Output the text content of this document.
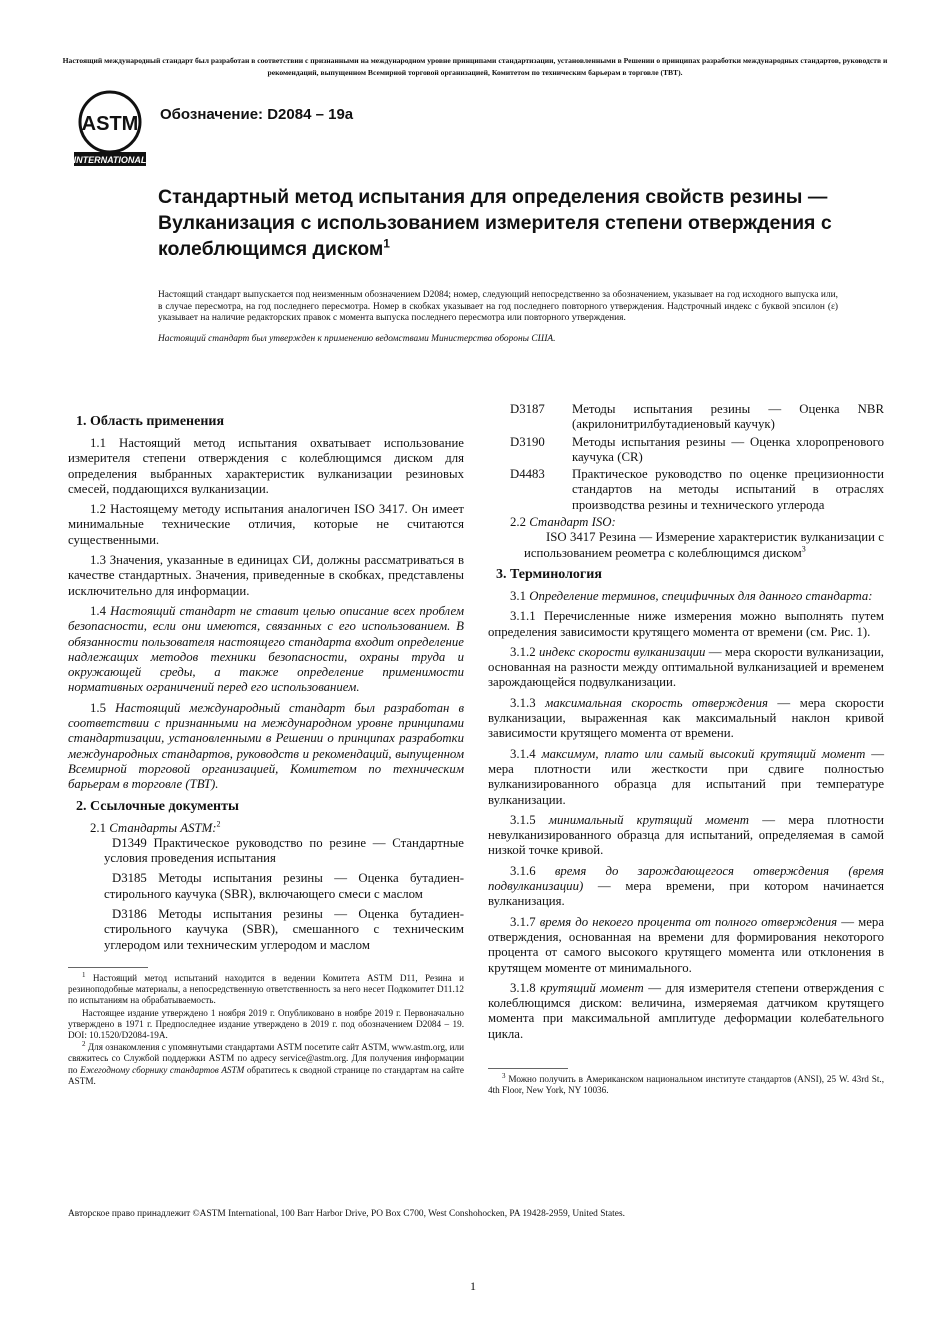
Настоящий международный стандарт был разработан в соответствии с признанными на международном уровне принципами стандартизации, установленными в Решении о принципах разработки международных стандартов, руководств и рекомендаций, выпущенном Всемирной торговой организацией, Комитетом по техническим барьерам в торговле (ТВТ).
ASTM
INTERNATIONAL
Обозначение: D2084 – 19a
Стандартный метод испытания для определения свойств резины — Вулканизация с использованием измерителя степени отверждения с колеблющимся диском$^1$

Настоящий стандарт выпускается под неизменным обозначением D2084; номер, следующий непосредственно за обозначением, указывает на год исходного выпуска или, в случае пересмотра, на год последнего пересмотра. Номер в скобках указывает на год последнего повторного утверждения. Надстрочный индекс с буквой эпсилон (ε) указывает на наличие редакторских правок с момента выпуска последнего пересмотра или повторного утверждения.

Настоящий стандарт был утвержден к применению ведомствами Министерства обороны США.

1. Область применения

1.1 Настоящий метод испытания охватывает использование измерителя степени отверждения с колеблющимся диском для определения выбранных характеристик вулканизации резиновых смесей, поддающихся вулканизации.

1.2 Настоящему методу испытания аналогичен ISO 3417. Он имеет минимальные технические отличия, которые не считаются существенными.

1.3 Значения, указанные в единицах СИ, должны рассматриваться в качестве стандартных. Значения, приведенные в скобках, представлены исключительно для информации.

1.4 Настоящий стандарт не ставит целью описание всех проблем безопасности, если они имеются, связанных с его использованием. В обязанности пользователя настоящего стандарта входит определение надлежащих методов техники безопасности, охраны труда и окружающей среды, а также определение применимости нормативных ограничений перед его использованием.

1.5 Настоящий международный стандарт был разработан в соответствии с признанными на международном уровне принципами стандартизации, установленными в Решении о принципах разработки международных стандартов, руководств и рекомендаций, выпущенном Всемирной торговой организацией, Комитетом по техническим барьерам в торговле (ТВТ).

2. Ссылочные документы

2.1 Стандарты ASTM:$^2$

D1349 Практическое руководство по резине — Стандартные условия проведения испытания

D3185 Методы испытания резины — Оценка бутадиен-стирольного каучука (SBR), включающего смеси с маслом

D3186 Методы испытания резины — Оценка бутадиен-стирольного каучука (SBR), смешанного с техническим углеродом или техническим углеродом и маслом

$^1$ Настоящий метод испытаний находится в ведении Комитета ASTM D11, Резина и резиноподобные материалы, а непосредственную ответственность за него несет Подкомитет D11.12 по испытаниям на обрабатываемость.

Настоящее издание утверждено 1 ноября 2019 г. Опубликовано в ноябре 2019 г. Первоначально утверждено в 1971 г. Предпоследнее издание утверждено в 2019 г. под обозначением D2084 – 19. DOI: 10.1520/D2084-19A.

$^2$ Для ознакомления с упомянутыми стандартами ASTM посетите сайт ASTM, www.astm.org, или свяжитесь со Службой поддержки ASTM по адресу service@astm.org. Для получения информации по Ежегодному сборнику стандартов ASTM обратитесь к сводной странице по стандартам на сайте ASTM.

D3187	Методы испытания резины — Оценка NBR (акрилонитрилбутадиеновый каучук)
D3190	Методы испытания резины — Оценка хлоропренового каучука (CR)
D4483	Практическое руководство по оценке прецизионности стандартов на методы испытаний в отраслях производства резины и технического углерода

2.2 Стандарт ISO:

ISO 3417 Резина — Измерение характеристик вулканизации с использованием реометра с колеблющимся диском$^3$

3. Терминология

3.1 Определение терминов, специфичных для данного стандарта:

3.1.1 Перечисленные ниже измерения можно выполнять путем определения зависимости крутящего момента от времени (см. Рис. 1).

3.1.2 индекс скорости вулканизации — мера скорости вулканизации, основанная на разности между оптимальной вулканизацией и временем зарождающейся подвулканизации.

3.1.3 максимальная скорость отверждения — мера скорости вулканизации, выраженная как максимальный наклон кривой зависимости крутящего момента от времени.

3.1.4 максимум, плато или самый высокий крутящий момент — мера плотности или жесткости при сдвиге полностью вулканизированного образца для испытаний при температуре вулканизации.

3.1.5 минимальный крутящий момент — мера плотности невулканизированного образца для испытаний, определяемая в самой низкой точке кривой.

3.1.6 время до зарождающегося отверждения (время подвулканизации) — мера времени, при котором начинается вулканизация.

3.1.7 время до некоего процента от полного отверждения — мера отверждения, основанная на времени для формирования некоторого процента от самого высокого крутящего момента или отклонения в крутящем моменте от минимального.

3.1.8 крутящий момент — для измерителя степени отверждения с колеблющимся диском: величина, измеряемая датчиком крутящего момента при максимальной амплитуде деформации колебательного цикла.

$^3$ Можно получить в Американском национальном институте стандартов (ANSI), 25 W. 43rd St., 4th Floor, New York, NY 10036.

Авторское право принадлежит ©ASTM International, 100 Barr Harbor Drive, PO Box C700, West Conshohocken, PA 19428-2959, United States.
1
